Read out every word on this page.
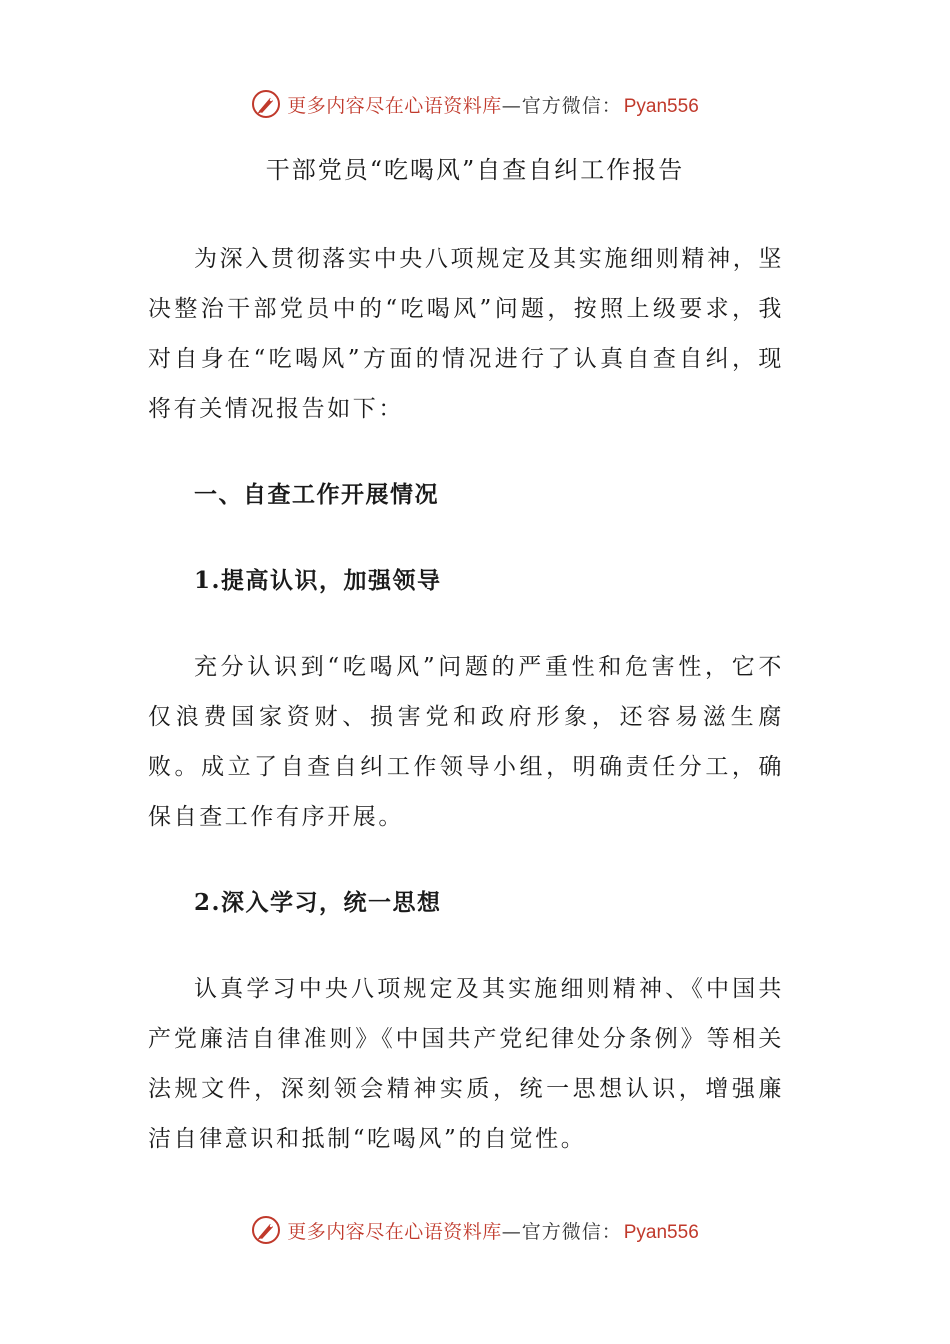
更多内容尽在心语资料库 — 官方微信： Pyan556
干部党员“吃喝风”自查自纠工作报告

为深入贯彻落实中央八项规定及其实施细则精神，坚决整治干部党员中的“吃喝风”问题，按照上级要求，我对自身在“吃喝风”方面的情况进行了认真自查自纠，现将有关情况报告如下：

一、自查工作开展情况

1.提高认识，加强领导

充分认识到“吃喝风”问题的严重性和危害性，它不仅浪费国家资财、损害党和政府形象，还容易滋生腐败。成立了自查自纠工作领导小组，明确责任分工，确保自查工作有序开展。

2.深入学习，统一思想

认真学习中央八项规定及其实施细则精神、《中国共产党廉洁自律准则》《中国共产党纪律处分条例》等相关法规文件，深刻领会精神实质，统一思想认识，增强廉洁自律意识和抵制“吃喝风”的自觉性。

更多内容尽在心语资料库 — 官方微信： Pyan556
